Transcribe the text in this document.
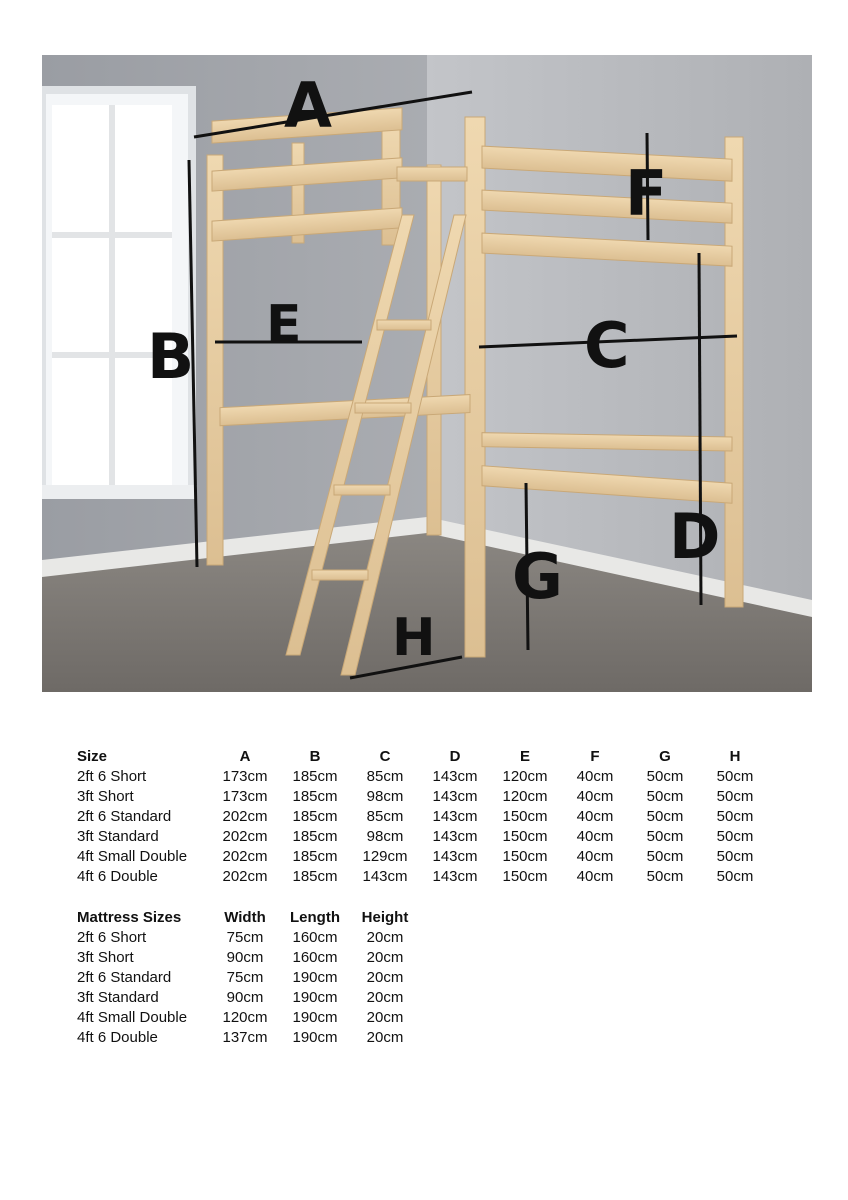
A
B	C
D
E
F
G
H
Size	A	B	C	D	E	F	G	H
2ft 6 Short	173cm	185cm	85cm	143cm	120cm	40cm	50cm	50cm
3ft Short	173cm	185cm	98cm	143cm	120cm	40cm	50cm	50cm
2ft 6 Standard	202cm	185cm	85cm	143cm	150cm	40cm	50cm	50cm
3ft Standard	202cm	185cm	98cm	143cm	150cm	40cm	50cm	50cm
4ft Small Double	202cm	185cm	129cm	143cm	150cm	40cm	50cm	50cm
4ft 6 Double	202cm	185cm	143cm	143cm	150cm	40cm	50cm	50cm
Mattress Sizes	Width	Length	Height
2ft 6 Short	75cm	160cm	20cm
3ft Short	90cm	160cm	20cm
2ft 6 Standard	75cm	190cm	20cm
3ft Standard	90cm	190cm	20cm
4ft Small Double	120cm	190cm	20cm
4ft 6 Double	137cm	190cm	20cm
